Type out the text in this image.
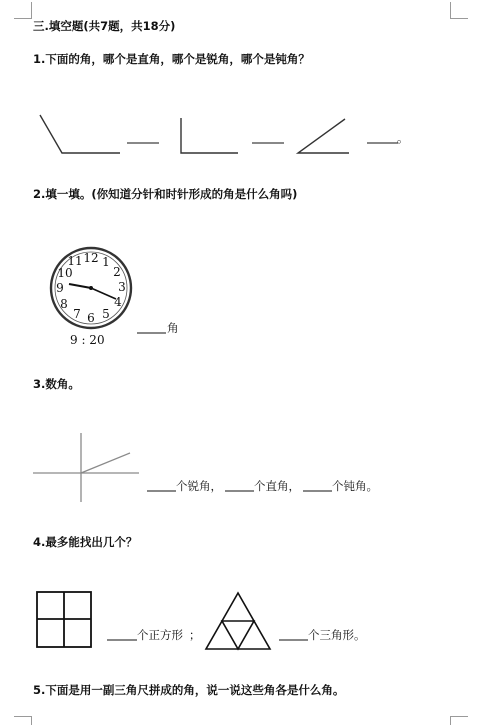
三.填空题(共7题，共18分)
1.下面的角，哪个是直角，哪个是锐角，哪个是钝角？
。
2.填一填。(你知道分针和时针形成的角是什么角吗)
12 1
2
3
4
5
6
7
8
9
10
11
9 : 20
角
3.数角。
个锐角，	个直角，	个钝角。
4.最多能找出几个？
个正方形 ；	个三角形。
5.下面是用一副三角尺拼成的角，说一说这些角各是什么角。
